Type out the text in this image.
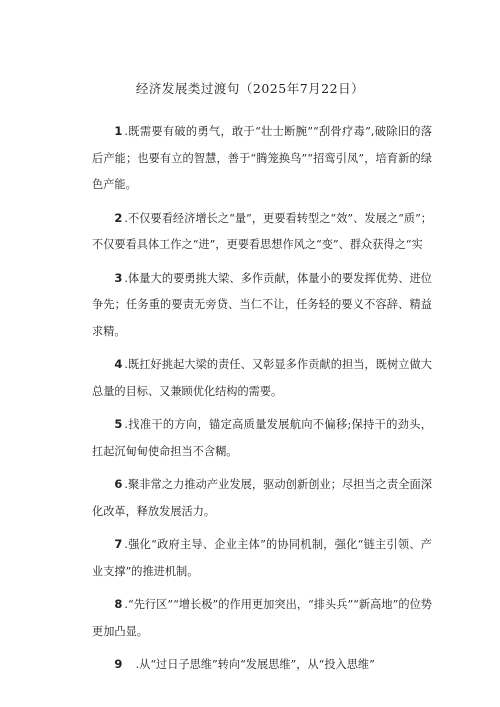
经济发展类过渡句（2025年7月22日）

1 .既需要有破的勇气，敢于“壮士断腕”“刮骨疗毒”,破除旧的落后产能；也要有立的智慧，善于“腾笼换鸟”“招鸾引凤”，培育新的绿色产能。

2 .不仅要看经济增长之“量”，更要看转型之“效”、发展之“质”；不仅要看具体工作之“进”，更要看思想作风之“变”、群众获得之“实

3 .体量大的要勇挑大梁、多作贡献，体量小的要发挥优势、进位争先；任务重的要责无旁贷、当仁不让，任务轻的要义不容辞、精益求精。

4 .既扛好挑起大梁的责任、又彰显多作贡献的担当，既树立做大总量的目标、又兼顾优化结构的需要。

5 .找准干的方向，锚定高质量发展航向不偏移;保持干的劲头，扛起沉甸甸使命担当不含糊。

6 .聚非常之力推动产业发展，驱动创新创业；尽担当之责全面深化改革，释放发展活力。

7 .强化“政府主导、企业主体”的协同机制，强化“链主引领、产业支撑”的推进机制。

8 .“先行区”“增长极”的作用更加突出，“排头兵”“新高地”的位势更加凸显。

9　.从“过日子思维”转向“发展思维”，从“投入思维”
